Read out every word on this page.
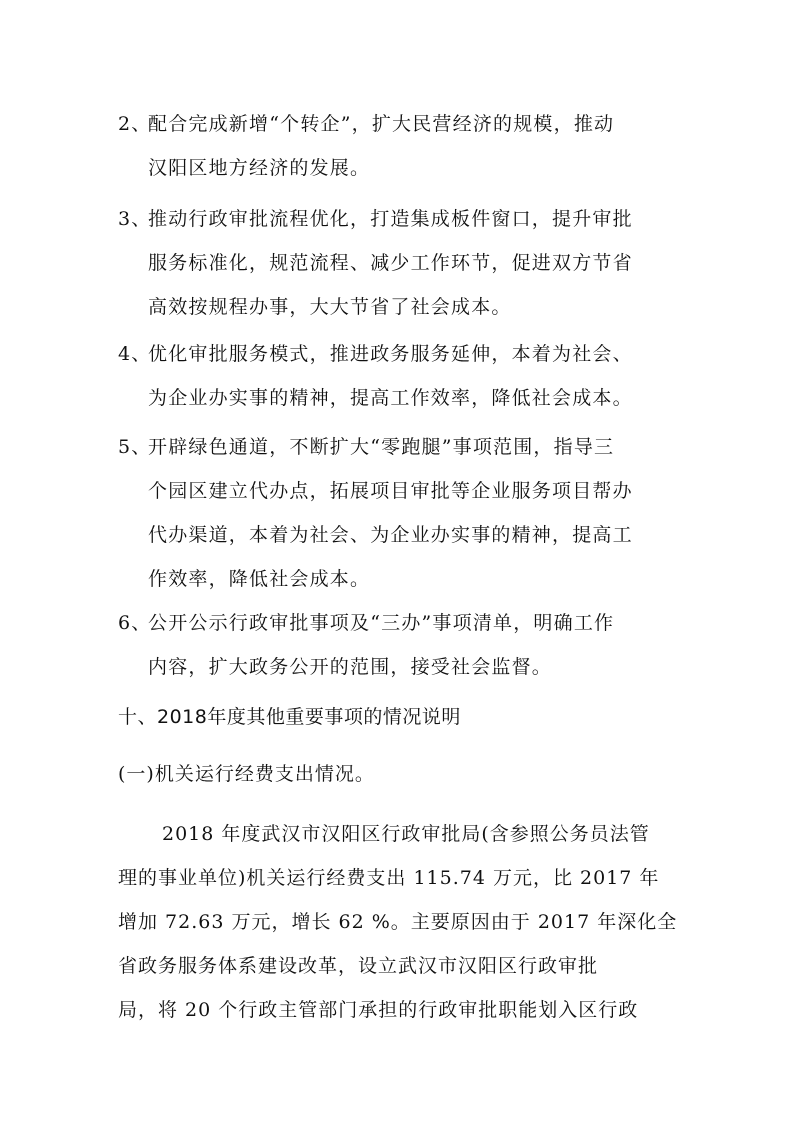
2、配合完成新增“个转企”，扩大民营经济的规模，推动
汉阳区地方经济的发展。
3、推动行政审批流程优化，打造集成板件窗口，提升审批
服务标准化，规范流程、减少工作环节，促进双方节省
高效按规程办事，大大节省了社会成本。
4、优化审批服务模式，推进政务服务延伸，本着为社会、
为企业办实事的精神，提高工作效率，降低社会成本。
5、开辟绿色通道，不断扩大“零跑腿”事项范围，指导三
个园区建立代办点，拓展项目审批等企业服务项目帮办
代办渠道，本着为社会、为企业办实事的精神，提高工
作效率，降低社会成本。
6、公开公示行政审批事项及“三办”事项清单，明确工作
内容，扩大政务公开的范围，接受社会监督。
十、2018年度其他重要事项的情况说明
(一)机关运行经费支出情况。
2018 年度武汉市汉阳区行政审批局(含参照公务员法管
理的事业单位)机关运行经费支出 115.74 万元，比 2017 年
增加 72.63 万元，增长 62 %。主要原因由于 2017 年深化全
省政务服务体系建设改革，设立武汉市汉阳区行政审批
局，将 20 个行政主管部门承担的行政审批职能划入区行政
